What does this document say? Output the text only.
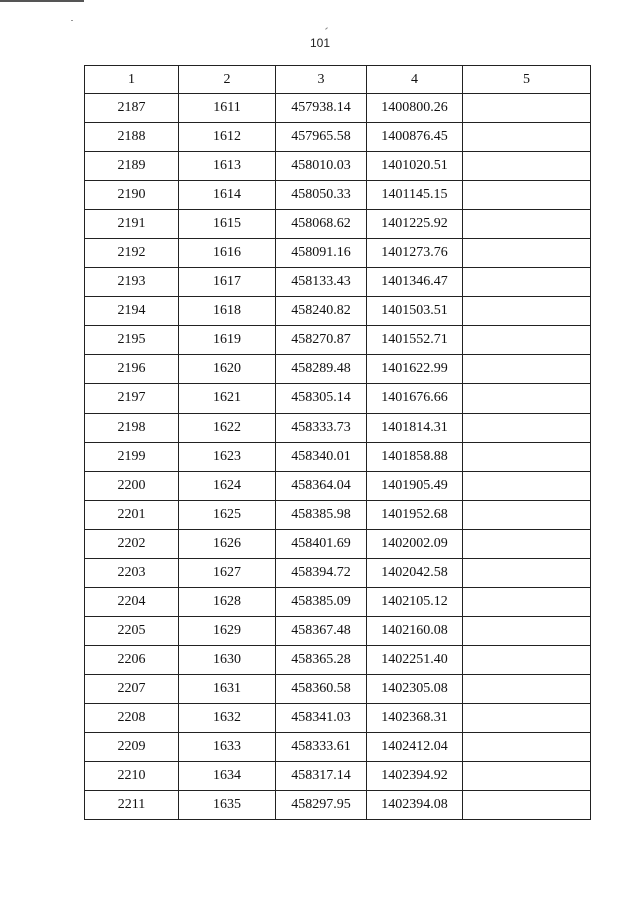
101
1	2	3	4	5
2187	1611	457938.14	1400800.26	
2188	1612	457965.58	1400876.45	
2189	1613	458010.03	1401020.51	
2190	1614	458050.33	1401145.15	
2191	1615	458068.62	1401225.92	
2192	1616	458091.16	1401273.76	
2193	1617	458133.43	1401346.47	
2194	1618	458240.82	1401503.51	
2195	1619	458270.87	1401552.71	
2196	1620	458289.48	1401622.99	
2197	1621	458305.14	1401676.66	
2198	1622	458333.73	1401814.31	
2199	1623	458340.01	1401858.88	
2200	1624	458364.04	1401905.49	
2201	1625	458385.98	1401952.68	
2202	1626	458401.69	1402002.09	
2203	1627	458394.72	1402042.58	
2204	1628	458385.09	1402105.12	
2205	1629	458367.48	1402160.08	
2206	1630	458365.28	1402251.40	
2207	1631	458360.58	1402305.08	
2208	1632	458341.03	1402368.31	
2209	1633	458333.61	1402412.04	
2210	1634	458317.14	1402394.92	
2211	1635	458297.95	1402394.08	
